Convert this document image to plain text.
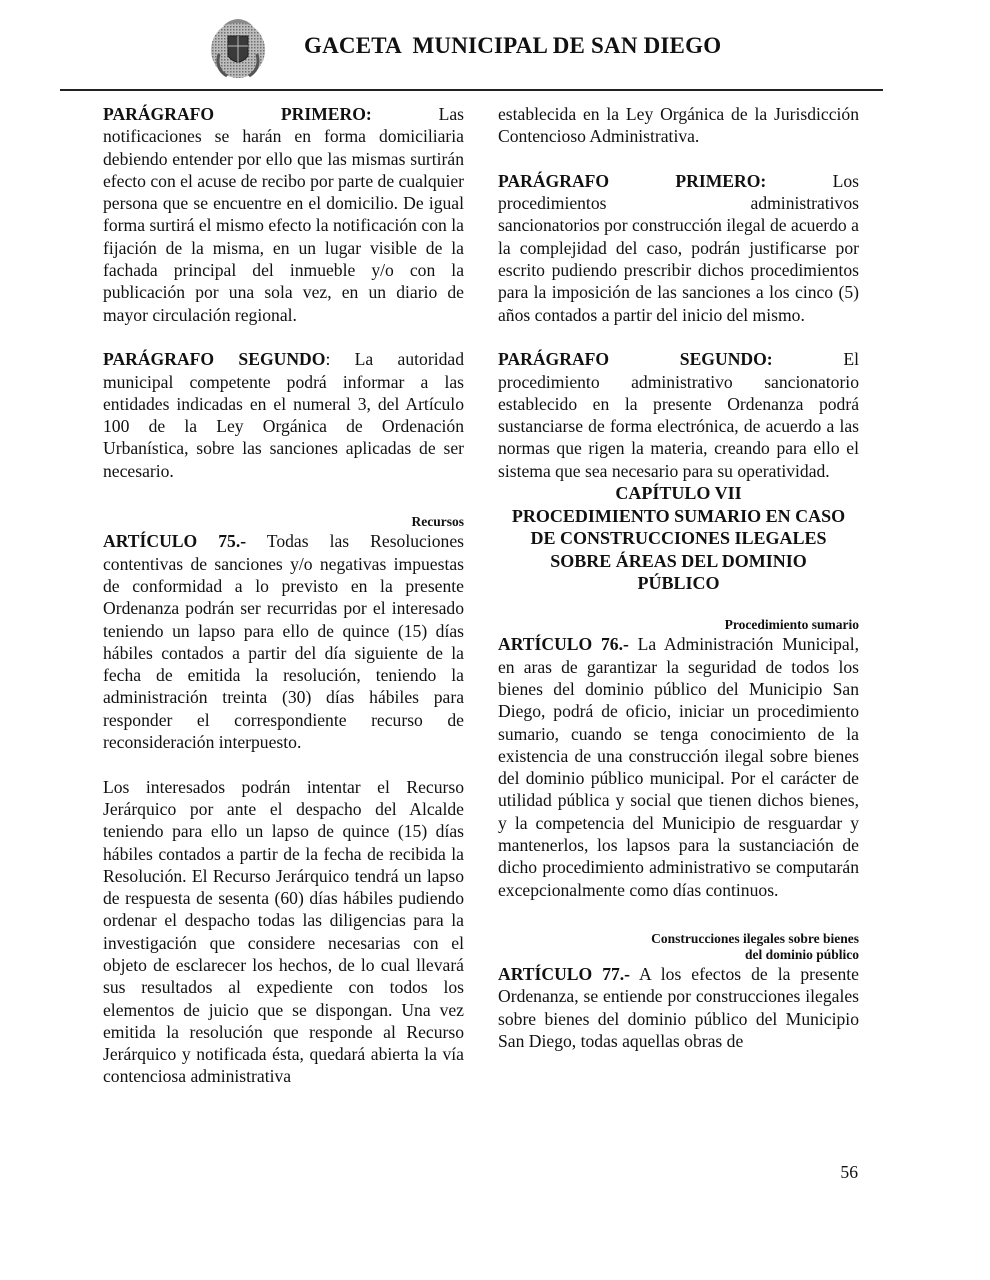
GACETA  MUNICIPAL DE SAN DIEGO

PARÁGRAFO	PRIMERO:	Las

notificaciones se harán en forma domiciliaria debiendo entender por ello que las mismas surtirán efecto con el acuse de recibo por parte de cualquier persona que se encuentre en el domicilio. De igual forma surtirá el mismo efecto la notificación con la fijación de la misma, en un lugar visible de la fachada principal del inmueble y/o con la publicación por una sola vez, en un diario de mayor circulación regional.

PARÁGRAFO SEGUNDO: La autoridad municipal competente podrá informar a las entidades indicadas en el numeral 3, del Artículo 100 de la Ley Orgánica de Ordenación Urbanística, sobre las sanciones aplicadas de ser necesario.

Recursos

ARTÍCULO 75.- Todas las Resoluciones contentivas de sanciones y/o negativas impuestas de conformidad a lo previsto en la presente Ordenanza podrán ser recurridas por el interesado teniendo un lapso para ello de quince (15) días hábiles contados a partir del día siguiente de la fecha de emitida la resolución, teniendo la administración treinta (30) días hábiles para responder el correspondiente recurso de reconsideración interpuesto.

Los interesados podrán intentar el Recurso Jerárquico por ante el despacho del Alcalde teniendo para ello un lapso de quince (15) días hábiles contados a partir de la fecha de recibida la Resolución. El Recurso Jerárquico tendrá un lapso de respuesta de sesenta (60) días hábiles pudiendo ordenar el despacho todas las diligencias para la investigación que considere necesarias con el objeto de esclarecer los hechos, de lo cual llevará sus resultados al expediente con todos los elementos de juicio que se dispongan. Una vez emitida la resolución que responde al Recurso Jerárquico y notificada ésta, quedará abierta la vía contenciosa administrativa

establecida en la Ley Orgánica de la Jurisdicción Contencioso Administrativa.

PARÁGRAFO	PRIMERO:	Los

procedimientos	administrativos

sancionatorios por construcción ilegal de acuerdo a la complejidad del caso, podrán justificarse por escrito pudiendo prescribir dichos procedimientos para la imposición de las sanciones a los cinco (5) años contados a partir del inicio del mismo.

PARÁGRAFO	SEGUNDO:	El

procedimiento administrativo sancionatorio establecido en la presente Ordenanza podrá sustanciarse de forma electrónica, de acuerdo a las normas que rigen la materia, creando para ello el sistema que sea necesario para su operatividad.

CAPÍTULO VII
PROCEDIMIENTO SUMARIO EN CASO
DE CONSTRUCCIONES ILEGALES
SOBRE ÁREAS DEL DOMINIO
PÚBLICO
Procedimiento sumario

ARTÍCULO 76.- La Administración Municipal, en aras de garantizar la seguridad de todos los bienes del dominio público del Municipio San Diego, podrá de oficio, iniciar un procedimiento sumario, cuando se tenga conocimiento de la existencia de una construcción ilegal sobre bienes del dominio público municipal. Por el carácter de utilidad pública y social que tienen dichos bienes, y la competencia del Municipio de resguardar y mantenerlos, los lapsos para la sustanciación de dicho procedimiento administrativo se computarán excepcionalmente como días continuos.

Construcciones ilegales sobre bienes
del dominio público

ARTÍCULO 77.- A los efectos de la presente Ordenanza, se entiende por construcciones ilegales sobre bienes del dominio público del Municipio San Diego, todas aquellas obras de

56
